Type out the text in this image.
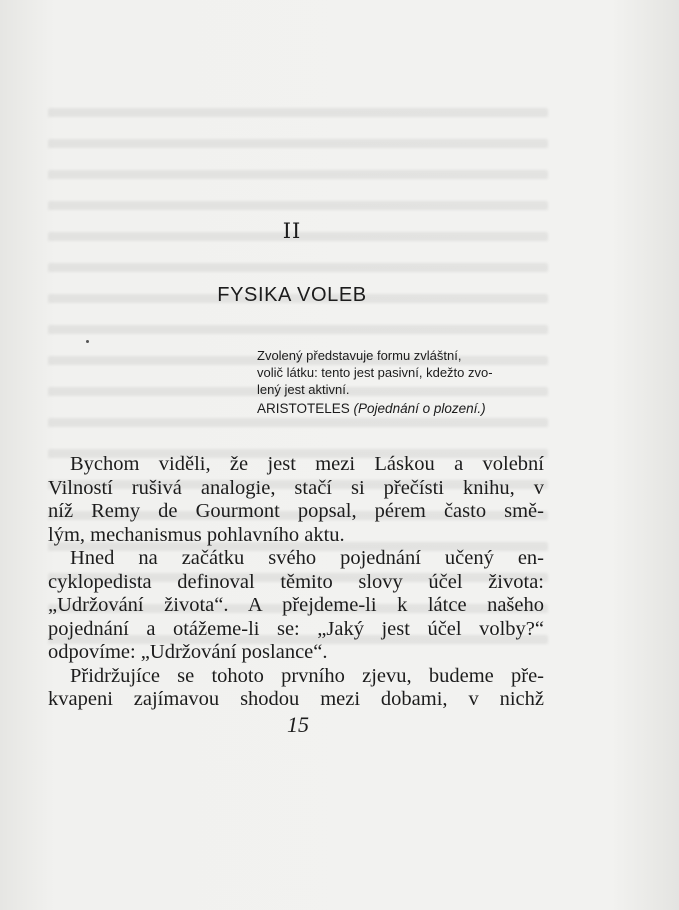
II
FYSIKA VOLEB
Zvolený představuje formu zvláštní,
volič látku: tento jest pasivní, kdežto zvo-
lený jest aktivní.
ARISTOTELES (Pojednání o plození.)
Bychom viděli, že jest mezi Láskou a volební
Vilností rušivá analogie, stačí si přečísti knihu, v
níž Remy de Gourmont popsal, pérem často smě-
lým, mechanismus pohlavního aktu.
Hned na začátku svého pojednání učený en-
cyklopedista definoval těmito slovy účel života:
„Udržování života“. A přejdeme-li k látce našeho
pojednání a otážeme-li se: „Jaký jest účel volby?“
odpovíme: „Udržování poslance“.
Přidržujíce se tohoto prvního zjevu, budeme pře-
kvapeni zajímavou shodou mezi dobami, v nichž
15
